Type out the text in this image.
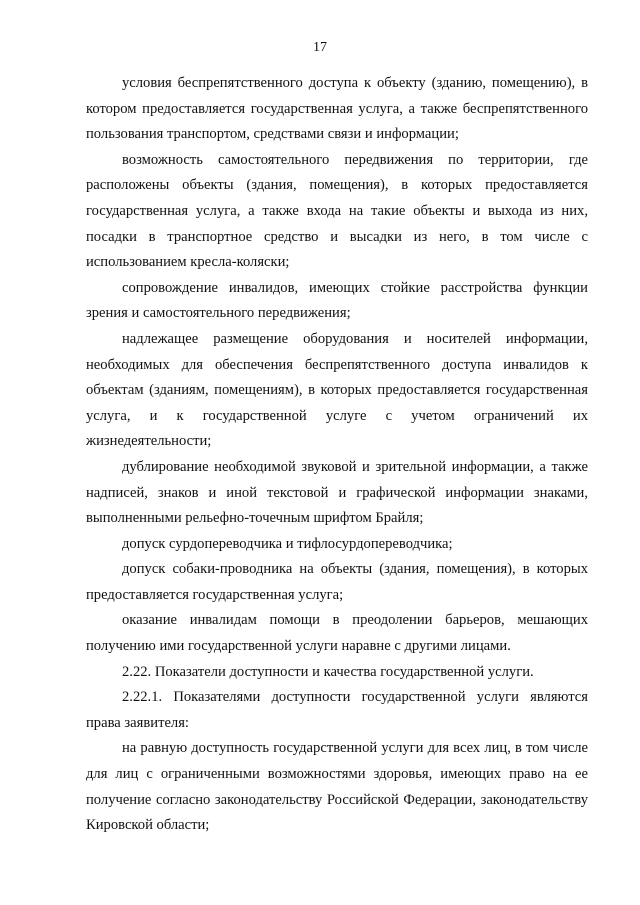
17

условия беспрепятственного доступа к объекту (зданию, помещению), в котором предоставляется государственная услуга, а также беспрепятственного пользования транспортом, средствами связи и информации;

возможность самостоятельного передвижения по территории, где расположены объекты (здания, помещения), в которых предоставляется государственная услуга, а также входа на такие объекты и выхода из них, посадки в транспортное средство и высадки из него, в том числе с использованием кресла-коляски;

сопровождение инвалидов, имеющих стойкие расстройства функции зрения и самостоятельного передвижения;

надлежащее размещение оборудования и носителей информации, необходимых для обеспечения беспрепятственного доступа инвалидов к объектам (зданиям, помещениям), в которых предоставляется государственная услуга, и к государственной услуге с учетом ограничений их жизнедеятельности;

дублирование необходимой звуковой и зрительной информации, а также надписей, знаков и иной текстовой и графической информации знаками, выполненными рельефно-точечным шрифтом Брайля;

допуск сурдопереводчика и тифлосурдопереводчика;

допуск собаки-проводника на объекты (здания, помещения), в которых предоставляется государственная услуга;

оказание инвалидам помощи в преодолении барьеров, мешающих получению ими государственной услуги наравне с другими лицами.

2.22. Показатели доступности и качества государственной услуги.

2.22.1. Показателями доступности государственной услуги являются права заявителя:

на равную доступность государственной услуги для всех лиц, в том числе для лиц с ограниченными возможностями здоровья, имеющих право на ее получение согласно законодательству Российской Федерации, законодательству Кировской области;
